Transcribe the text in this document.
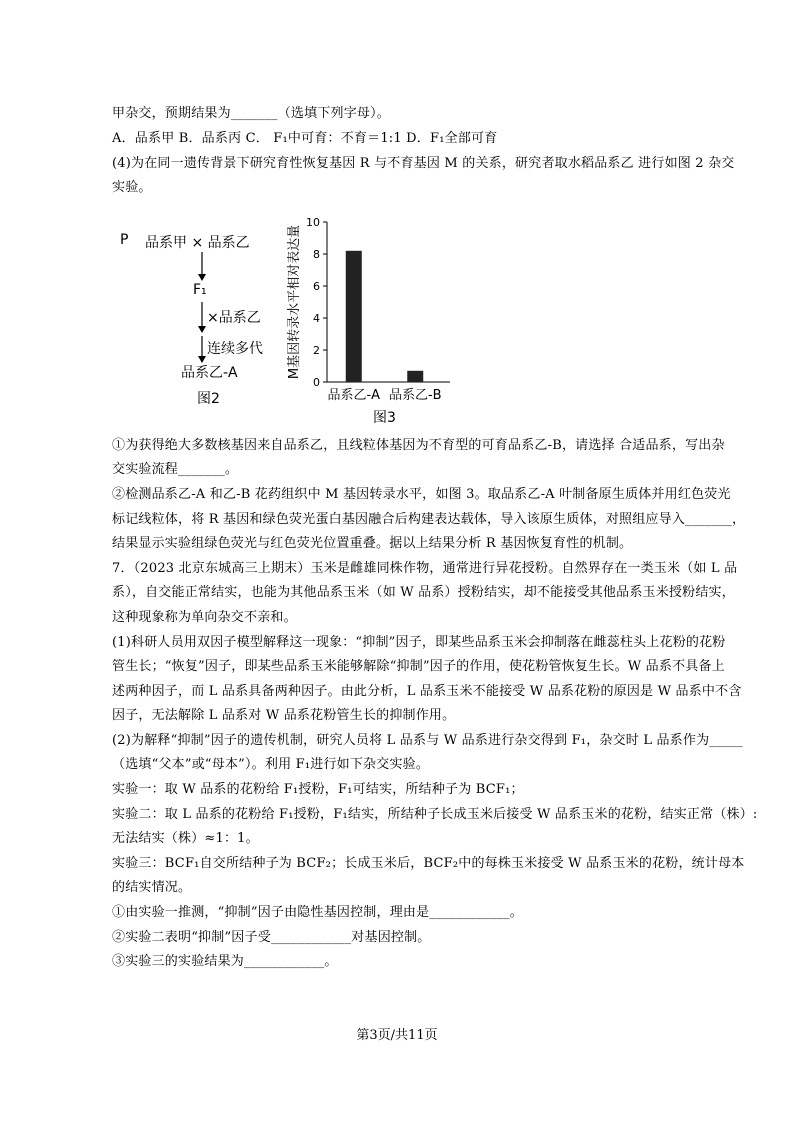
甲杂交，预期结果为_______（选填下列字母）。
A．品系甲 B．品系丙 C． F₁中可育：不育＝1:1 D．F₁全部可育
(4)为在同一遗传背景下研究育性恢复基因 R 与不育基因 M 的关系，研究者取水稻品系乙 进行如图 2 杂交
实验。
P 品系甲 × 品系乙
F₁
×品系乙
连续多代
品系乙-A
图2
0
2
4
6
8
10
M基因转录水平相对表达量
品系乙-A 品系乙-B
图3
①为获得绝大多数核基因来自品系乙，且线粒体基因为不育型的可育品系乙-B，请选择 合适品系，写出杂
交实验流程_______。
②检测品系乙-A 和乙-B 花药组织中 M 基因转录水平，如图 3。取品系乙-A 叶制备原生质体并用红色荧光
标记线粒体，将 R 基因和绿色荧光蛋白基因融合后构建表达载体，导入该原生质体，对照组应导入_______，
结果显示实验组绿色荧光与红色荧光位置重叠。据以上结果分析 R 基因恢复育性的机制。
7．（2023 北京东城高三上期末）玉米是雌雄同株作物，通常进行异花授粉。自然界存在一类玉米（如 L 品
系），自交能正常结实，也能为其他品系玉米（如 W 品系）授粉结实，却不能接受其他品系玉米授粉结实，
这种现象称为单向杂交不亲和。
(1)科研人员用双因子模型解释这一现象：“抑制”因子，即某些品系玉米会抑制落在雌蕊柱头上花粉的花粉
管生长；“恢复”因子，即某些品系玉米能够解除“抑制”因子的作用，使花粉管恢复生长。W 品系不具备上
述两种因子，而 L 品系具备两种因子。由此分析，L 品系玉米不能接受 W 品系花粉的原因是 W 品系中不含
因子，无法解除 L 品系对 W 品系花粉管生长的抑制作用。
(2)为解释“抑制”因子的遗传机制，研究人员将 L 品系与 W 品系进行杂交得到 F₁，杂交时 L 品系作为_____
（选填“父本”或“母本”）。利用 F₁进行如下杂交实验。
实验一：取 W 品系的花粉给 F₁授粉，F₁可结实，所结种子为 BCF₁；
实验二：取 L 品系的花粉给 F₁授粉，F₁结实，所结种子长成玉米后接受 W 品系玉米的花粉，结实正常（株）:
无法结实（株）≈1：1。
实验三：BCF₁自交所结种子为 BCF₂；长成玉米后，BCF₂中的每株玉米接受 W 品系玉米的花粉，统计母本
的结实情况。
①由实验一推测，“抑制”因子由隐性基因控制，理由是____________。
②实验二表明“抑制”因子受____________对基因控制。
③实验三的实验结果为____________。
第3页/共11页
